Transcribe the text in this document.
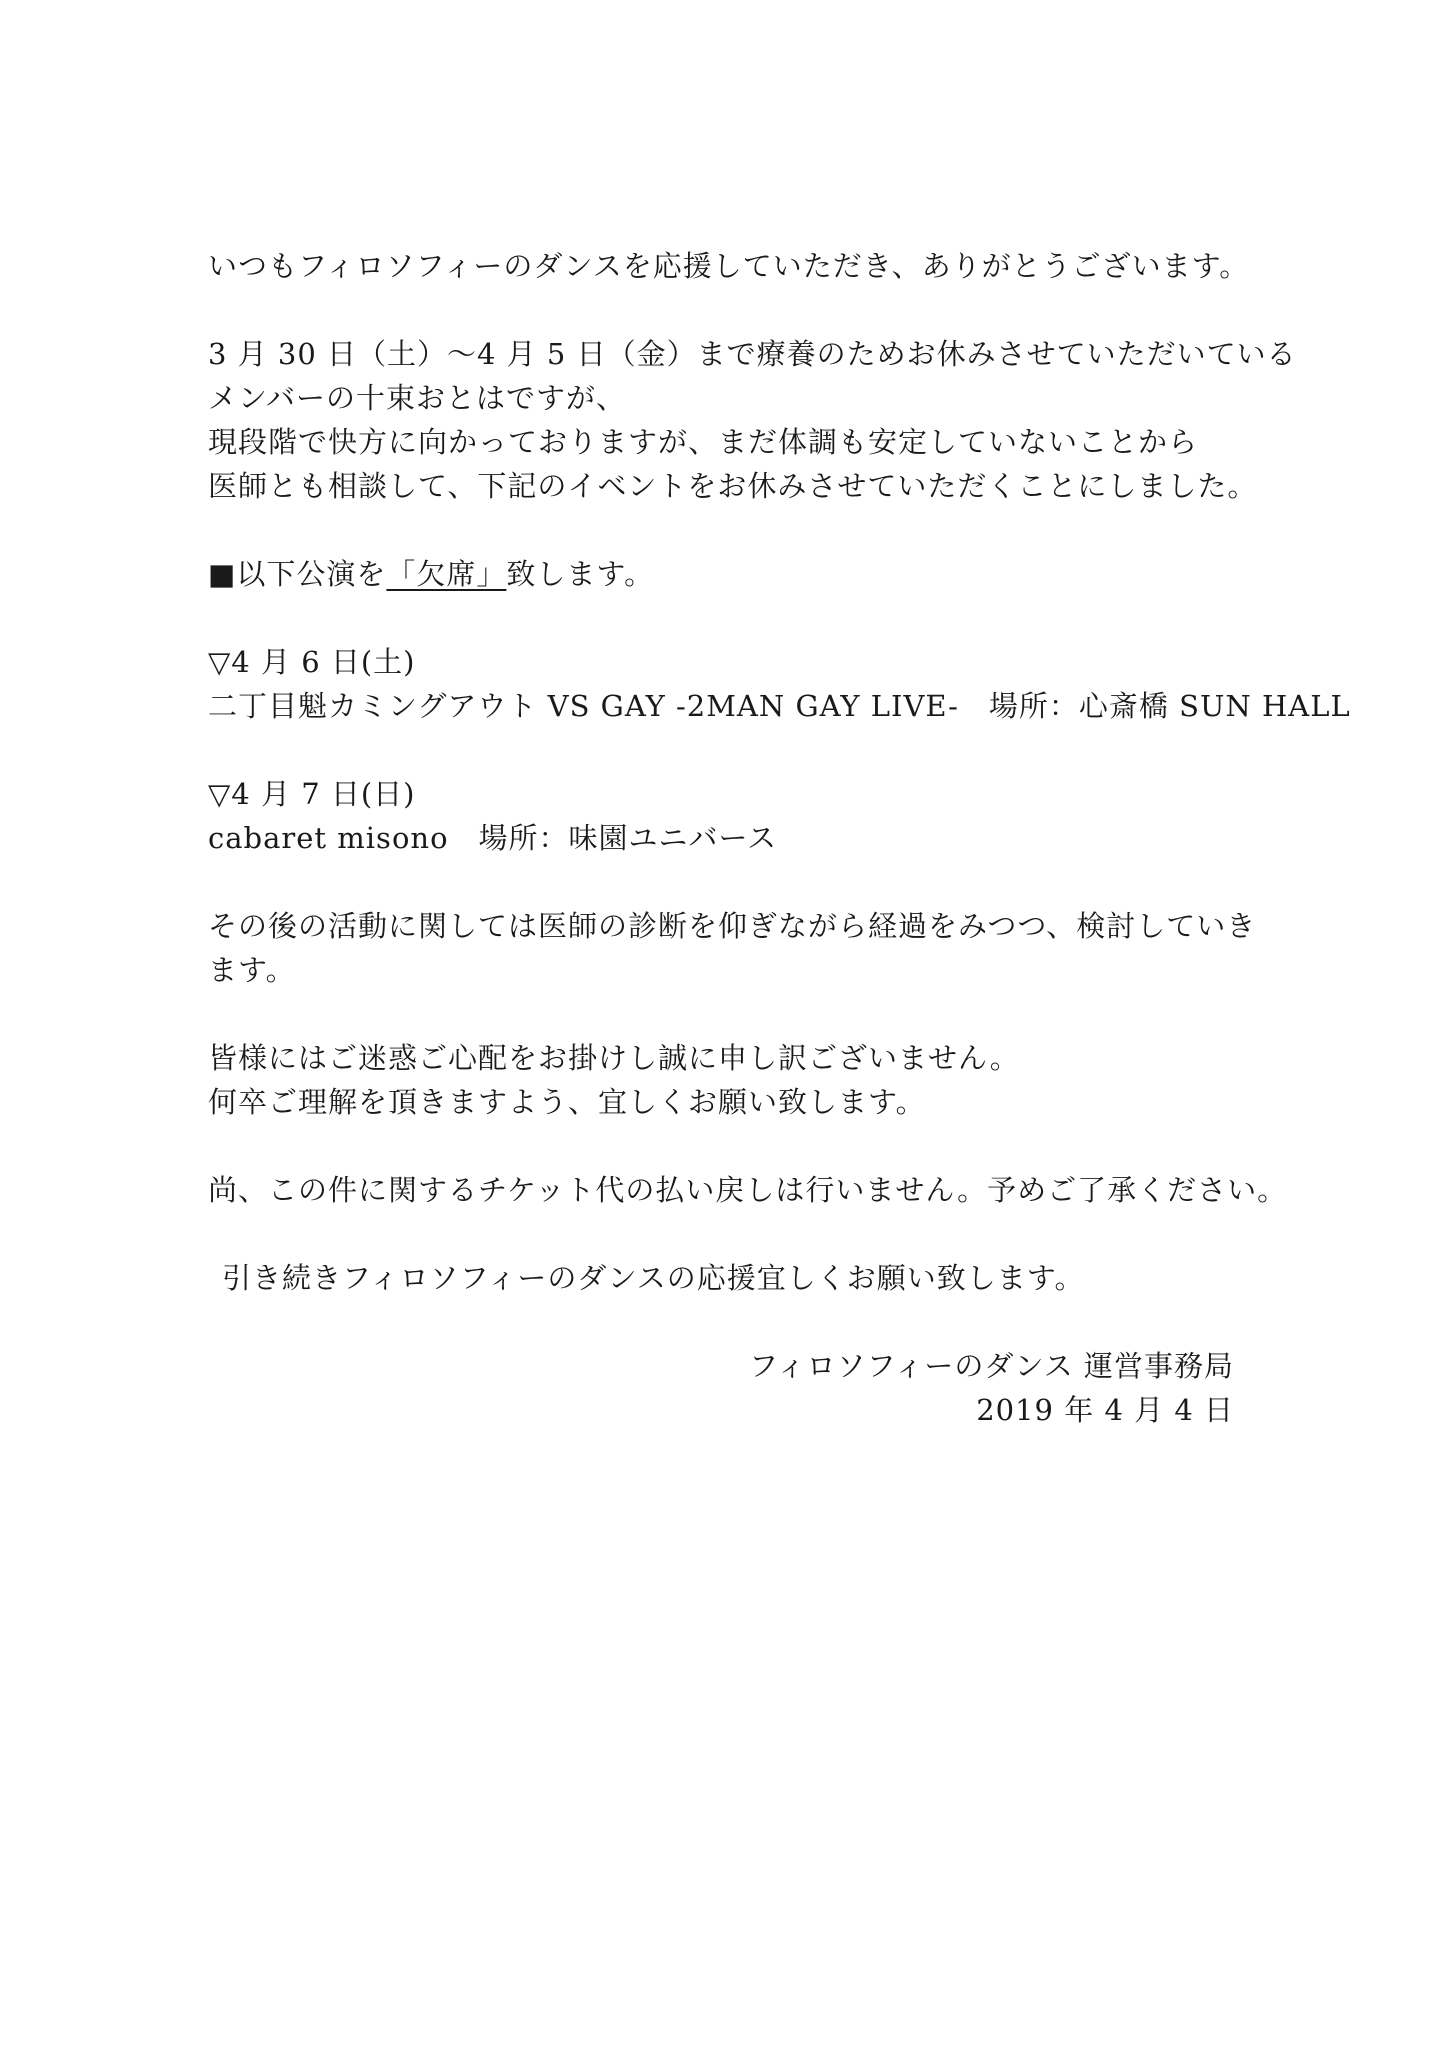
いつもフィロソフィーのダンスを応援していただき、ありがとうございます。
3 月 30 日（土）〜4 月 5 日（金）まで療養のためお休みさせていただいている
メンバーの十束おとはですが、
現段階で快方に向かっておりますが、まだ体調も安定していないことから
医師とも相談して、下記のイベントをお休みさせていただくことにしました。
■以下公演を「欠席」致します。
▽4 月 6 日(土)
二丁目魁カミングアウト VS GAY -2MAN GAY LIVE-　場所：心斎橋 SUN HALL
▽4 月 7 日(日)
cabaret misono　場所：味園ユニバース
その後の活動に関しては医師の診断を仰ぎながら経過をみつつ、検討していき
ます。
皆様にはご迷惑ご心配をお掛けし誠に申し訳ございません。
何卒ご理解を頂きますよう、宜しくお願い致します。
尚、この件に関するチケット代の払い戻しは行いません。予めご了承ください。
引き続きフィロソフィーのダンスの応援宜しくお願い致します。
フィロソフィーのダンス 運営事務局
2019 年 4 月 4 日
